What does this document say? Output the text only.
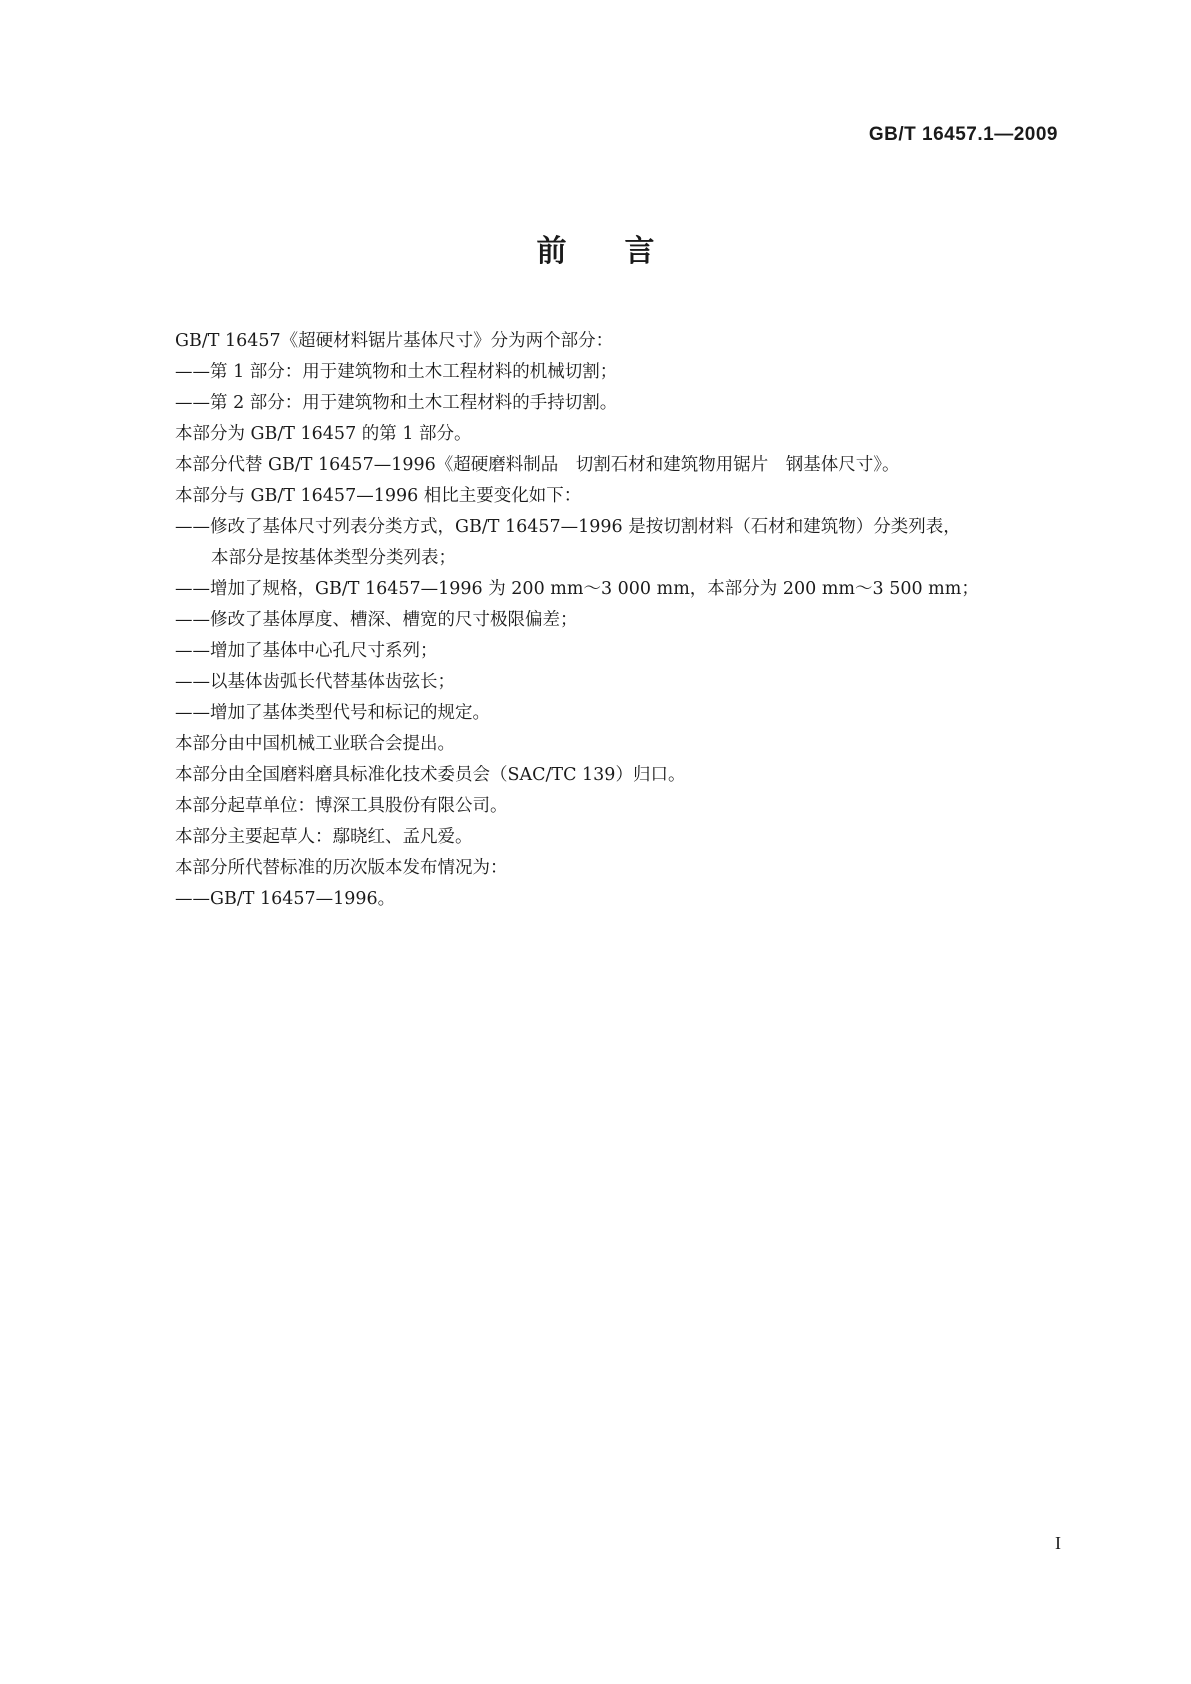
GB/T 16457.1—2009
前言
GB/T 16457《超硬材料锯片基体尺寸》分为两个部分：
——第 1 部分：用于建筑物和土木工程材料的机械切割；
——第 2 部分：用于建筑物和土木工程材料的手持切割。
本部分为 GB/T 16457 的第 1 部分。
本部分代替 GB/T 16457—1996《超硬磨料制品　切割石材和建筑物用锯片　钢基体尺寸》。
本部分与 GB/T 16457—1996 相比主要变化如下：
——修改了基体尺寸列表分类方式，GB/T 16457—1996 是按切割材料（石材和建筑物）分类列表，
本部分是按基体类型分类列表；
——增加了规格，GB/T 16457—1996 为 200 mm～3 000 mm，本部分为 200 mm～3 500 mm；
——修改了基体厚度、槽深、槽宽的尺寸极限偏差；
——增加了基体中心孔尺寸系列；
——以基体齿弧长代替基体齿弦长；
——增加了基体类型代号和标记的规定。
本部分由中国机械工业联合会提出。
本部分由全国磨料磨具标准化技术委员会（SAC/TC 139）归口。
本部分起草单位：博深工具股份有限公司。
本部分主要起草人：鄢晓红、孟凡爱。
本部分所代替标准的历次版本发布情况为：
——GB/T 16457—1996。
I
